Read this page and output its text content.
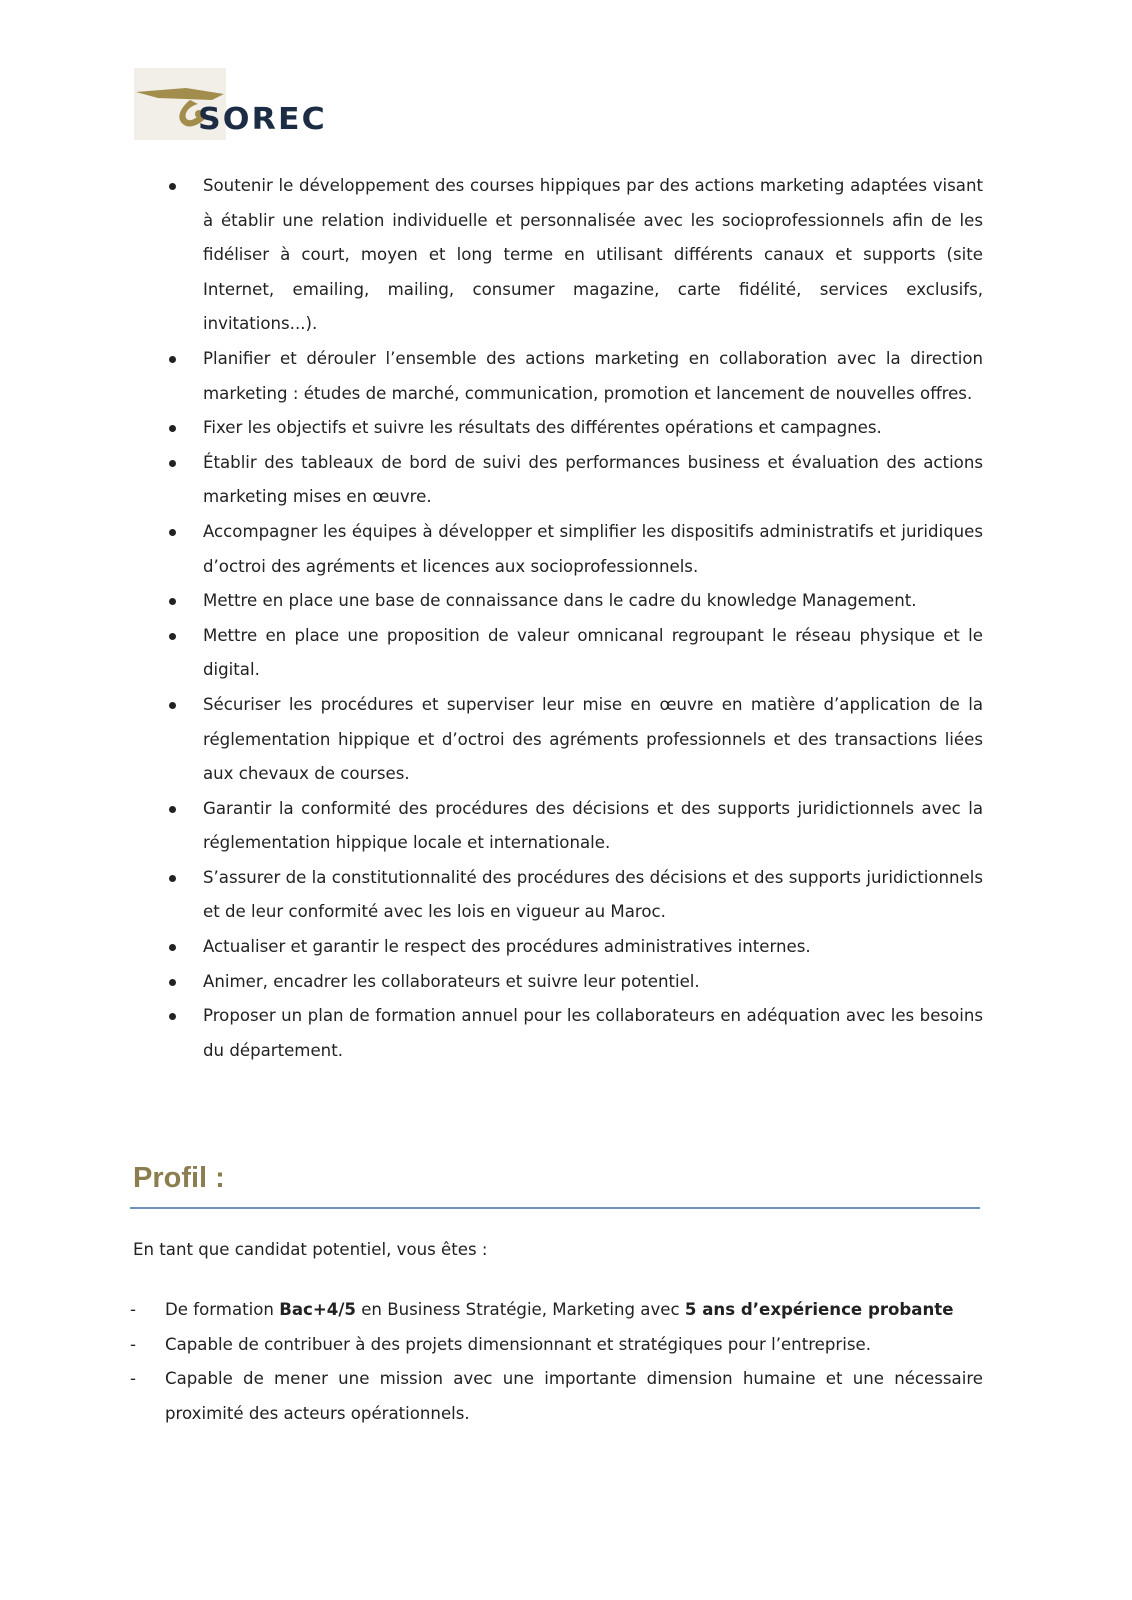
SOREC
Soutenir le développement des courses hippiques par des actions marketing adaptées visant à établir une relation individuelle et personnalisée avec les socioprofessionnels afin de les fidéliser à court, moyen et long terme en utilisant différents canaux et supports (site Internet, emailing, mailing, consumer magazine, carte fidélité, services exclusifs, invitations...).
Planifier et dérouler l’ensemble des actions marketing en collaboration avec la direction marketing : études de marché, communication, promotion et lancement de nouvelles offres.
Fixer les objectifs et suivre les résultats des différentes opérations et campagnes.
Établir des tableaux de bord de suivi des performances business et évaluation des actions marketing mises en œuvre.
Accompagner les équipes à développer et simplifier les dispositifs administratifs et juridiques d’octroi des agréments et licences aux socioprofessionnels.
Mettre en place une base de connaissance dans le cadre du knowledge Management.
Mettre en place une proposition de valeur omnicanal regroupant le réseau physique et le digital.
Sécuriser les procédures et superviser leur mise en œuvre en matière d’application de la réglementation hippique et d’octroi des agréments professionnels et des transactions liées aux chevaux de courses.
Garantir la conformité des procédures des décisions et des supports juridictionnels avec la réglementation hippique locale et internationale.
S’assurer de la constitutionnalité des procédures des décisions et des supports juridictionnels et de leur conformité avec les lois en vigueur au Maroc.
Actualiser et garantir le respect des procédures administratives internes.
Animer, encadrer les collaborateurs et suivre leur potentiel.
Proposer un plan de formation annuel pour les collaborateurs en adéquation avec les besoins du département.
Profil :
En tant que candidat potentiel, vous êtes :
- De formation Bac+4/5 en Business Stratégie, Marketing avec 5 ans d’expérience probante
- Capable de contribuer à des projets dimensionnant et stratégiques pour l’entreprise.
- Capable de mener une mission avec une importante dimension humaine et une nécessaire proximité des acteurs opérationnels.
